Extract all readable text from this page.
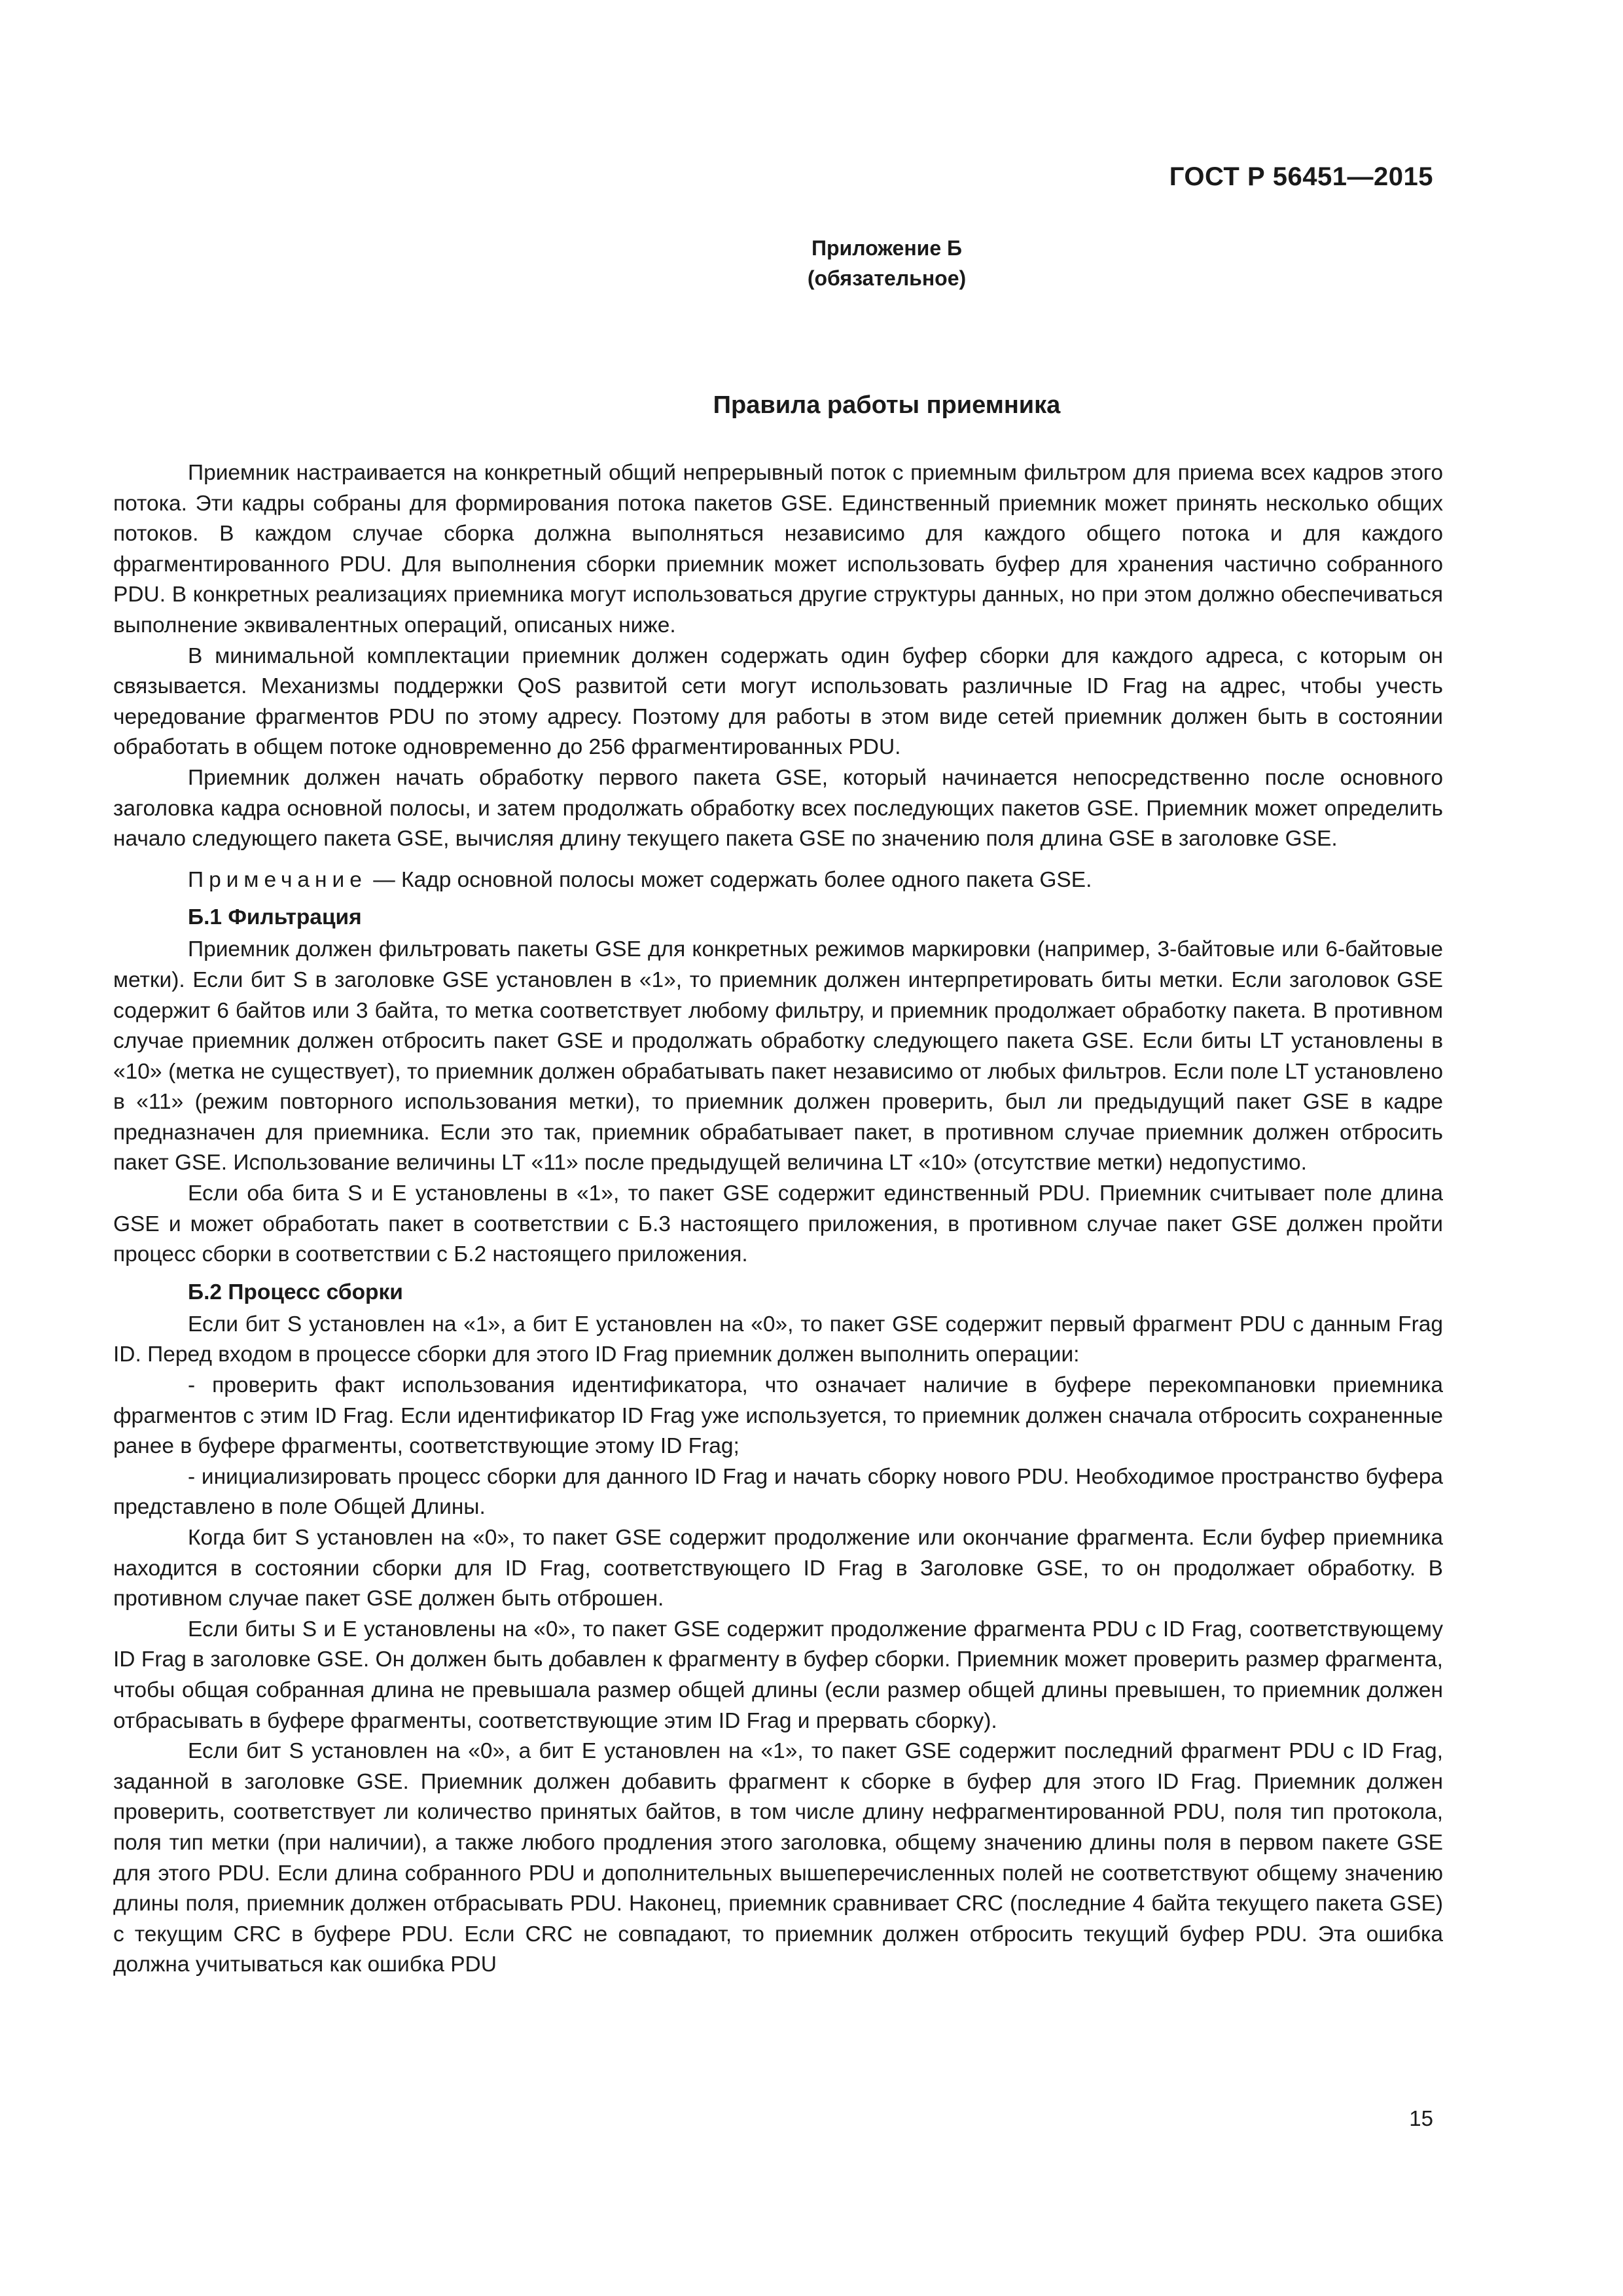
ГОСТ Р 56451—2015
Приложение Б
(обязательное)
Правила работы приемника

Приемник настраивается на конкретный общий непрерывный поток с приемным фильтром для приема всех кадров этого потока. Эти кадры собраны для формирования потока пакетов GSE. Единственный приемник может принять несколько общих потоков. В каждом случае сборка должна выполняться независимо для каждого общего потока и для каждого фрагментированного PDU. Для выполнения сборки приемник может использовать буфер для хранения частично собранного PDU. В конкретных реализациях приемника могут использоваться другие структуры данных, но при этом должно обеспечиваться выполнение эквивалентных операций, описаных ниже.

В минимальной комплектации приемник должен содержать один буфер сборки для каждого адреса, с которым он связывается. Механизмы поддержки QoS развитой сети могут использовать различные ID Frag на адрес, чтобы учесть чередование фрагментов PDU по этому адресу. Поэтому для работы в этом виде сетей приемник должен быть в состоянии обработать в общем потоке одновременно до 256 фрагментированных PDU.

Приемник должен начать обработку первого пакета GSE, который начинается непосредственно после основного заголовка кадра основной полосы, и затем продолжать обработку всех последующих пакетов GSE. Приемник может определить начало следующего пакета GSE, вычисляя длину текущего пакета GSE по значению поля длина GSE в заголовке GSE.

Примечание — Кадр основной полосы может содержать более одного пакета GSE.

Б.1 Фильтрация

Приемник должен фильтровать пакеты GSE для конкретных режимов маркировки (например, 3-байтовые или 6-байтовые метки). Если бит S в заголовке GSE установлен в «1», то приемник должен интерпретировать биты метки. Если заголовок GSE содержит 6 байтов или 3 байта, то метка соответствует любому фильтру, и приемник продолжает обработку пакета. В противном случае приемник должен отбросить пакет GSE и продолжать обработку следующего пакета GSE. Если биты LT установлены в «10» (метка не существует), то приемник должен обрабатывать пакет независимо от любых фильтров. Если поле LT установлено в «11» (режим повторного использования метки), то приемник должен проверить, был ли предыдущий пакет GSE в кадре предназначен для приемника. Если это так, приемник обрабатывает пакет, в противном случае приемник должен отбросить пакет GSE. Использование величины LT «11» после предыдущей величина LT «10» (отсутствие метки) недопустимо.

Если оба бита S и E установлены в «1», то пакет GSE содержит единственный PDU. Приемник считывает поле длина GSE и может обработать пакет в соответствии с Б.3 настоящего приложения, в противном случае пакет GSE должен пройти процесс сборки в соответствии с Б.2 настоящего приложения.

Б.2 Процесс сборки

Если бит S установлен на «1», а бит E установлен на «0», то пакет GSE содержит первый фрагмент PDU с данным Frag ID. Перед входом в процессе сборки для этого ID Frag приемник должен выполнить операции:

- проверить факт использования идентификатора, что означает наличие в буфере перекомпановки приемника фрагментов с этим ID Frag. Если идентификатор ID Frag уже используется, то приемник должен сначала отбросить сохраненные ранее в буфере фрагменты, соответствующие этому ID Frag;

- инициализировать процесс сборки для данного ID Frag и начать сборку нового PDU. Необходимое пространство буфера представлено в поле Общей Длины.

Когда бит S установлен на «0», то пакет GSE содержит продолжение или окончание фрагмента. Если буфер приемника находится в состоянии сборки для ID Frag, соответствующего ID Frag в Заголовке GSE, то он продолжает обработку. В противном случае пакет GSE должен быть отброшен.

Если биты S и E установлены на «0», то пакет GSE содержит продолжение фрагмента PDU с ID Frag, соответствующему ID Frag в заголовке GSE. Он должен быть добавлен к фрагменту в буфер сборки. Приемник может проверить размер фрагмента, чтобы общая собранная длина не превышала размер общей длины (если размер общей длины превышен, то приемник должен отбрасывать в буфере фрагменты, соответствующие этим ID Frag и прервать сборку).

Если бит S установлен на «0», а бит E установлен на «1», то пакет GSE содержит последний фрагмент PDU с ID Frag, заданной в заголовке GSE. Приемник должен добавить фрагмент к сборке в буфер для этого ID Frag. Приемник должен проверить, соответствует ли количество принятых байтов, в том числе длину нефрагментированной PDU, поля тип протокола, поля тип метки (при наличии), а также любого продления этого заголовка, общему значению длины поля в первом пакете GSE для этого PDU. Если длина собранного PDU и дополнительных вышеперечисленных полей не соответствуют общему значению длины поля, приемник должен отбрасывать PDU. Наконец, приемник сравнивает CRC (последние 4 байта текущего пакета GSE) с текущим CRC в буфере PDU. Если CRC не совпадают, то приемник должен отбросить текущий буфер PDU. Эта ошибка должна учитываться как ошибка PDU

15
